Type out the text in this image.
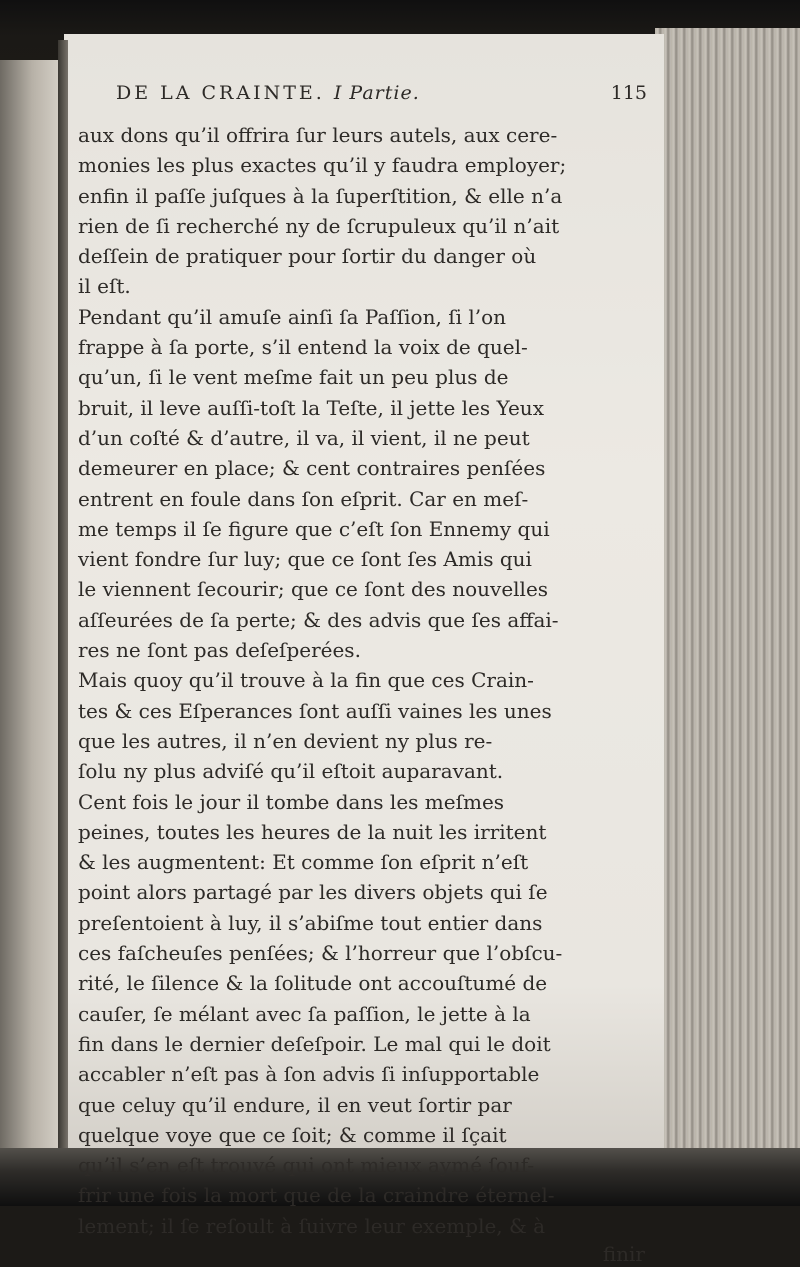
DE LA CRAINTE. I Partie.	115
aux dons qu’il offrira ſur leurs autels, aux cere-
monies les plus exactes qu’il y faudra employer;
enfin il paſſe juſques à la ſuperſtition, & elle n’a
rien de ſi recherché ny de ſcrupuleux qu’il n’ait
deſſein de pratiquer pour ſortir du danger où
il eſt.
Pendant qu’il amuſe ainſi ſa Paſſion, ſi l’on
frappe à ſa porte, s’il entend la voix de quel-
qu’un, ſi le vent meſme fait un peu plus de
bruit, il leve auſſi-toſt la Teſte, il jette les Yeux
d’un coſté & d’autre, il va, il vient, il ne peut
demeurer en place; & cent contraires penſées
entrent en foule dans ſon eſprit. Car en meſ-
me temps il ſe figure que c’eſt ſon Ennemy qui
vient fondre ſur luy; que ce ſont ſes Amis qui
le viennent ſecourir; que ce ſont des nouvelles
aſſeurées de ſa perte; & des advis que ſes affai-
res ne ſont pas deſeſperées.
Mais quoy qu’il trouve à la fin que ces Crain-
tes & ces Eſperances ſont auſſi vaines les unes
que les autres, il n’en devient ny plus re-
ſolu ny plus adviſé qu’il eſtoit auparavant.
Cent fois le jour il tombe dans les meſmes
peines, toutes les heures de la nuit les irritent
& les augmentent: Et comme ſon eſprit n’eſt
point alors partagé par les divers objets qui ſe
preſentoient à luy, il s’abiſme tout entier dans
ces faſcheuſes penſées; & l’horreur que l’obſcu-
rité, le ſilence & la ſolitude ont accouſtumé de
cauſer, ſe mélant avec ſa paſſion, le jette à la
fin dans le dernier deſeſpoir. Le mal qui le doit
accabler n’eſt pas à ſon advis ſi inſupportable
que celuy qu’il endure, il en veut ſortir par
quelque voye que ce ſoit; & comme il ſçait
qu’il s’en eſt trouvé qui ont mieux aymé ſouf-
frir une fois la mort que de la craindre éternel-
lement; il ſe reſoult à ſuivre leur exemple, & à
finir
